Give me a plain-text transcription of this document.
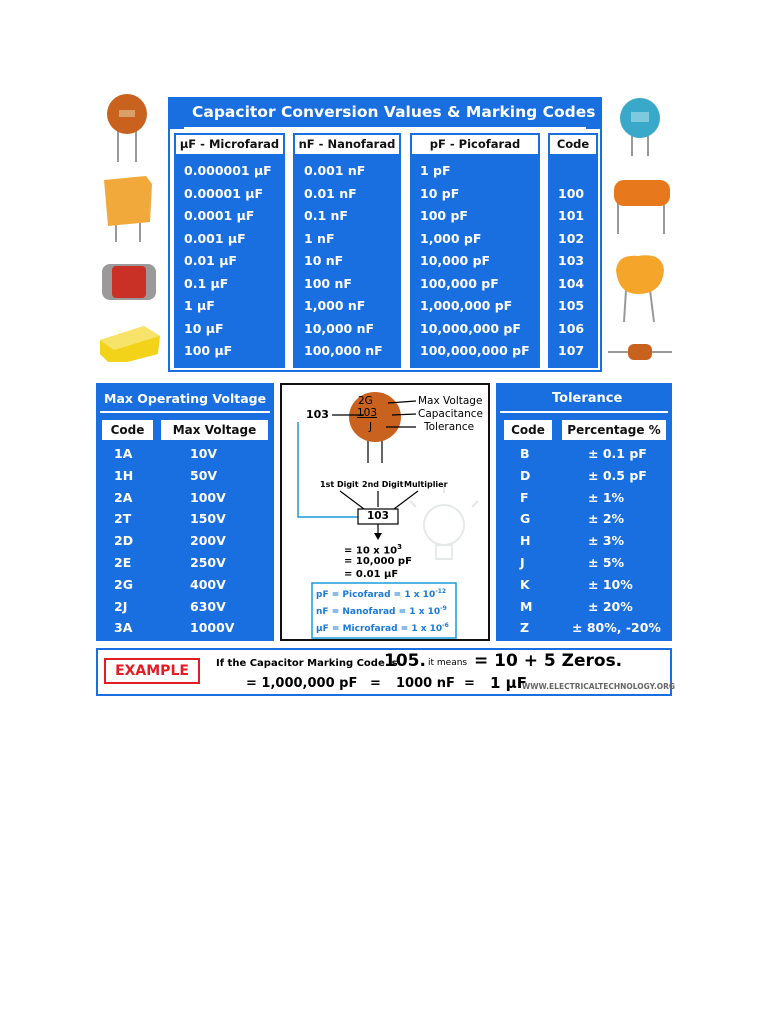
Capacitor Conversion Values & Marking Codes
μF - Microfarad	nF - Nanofarad	pF - Picofarad	Code
0.000001 μF	0.001 nF	1 pF
0.00001 μF	0.01 nF	10 pF	100
0.0001 μF	0.1 nF	100 pF	101
0.001 μF	1 nF	1,000 pF	102
0.01 μF	10 nF	10,000 pF	103
0.1 μF	100 nF	100,000 pF	104
1 μF	1,000 nF	1,000,000 pF	105
10 μF	10,000 nF	10,000,000 pF	106
100 μF	100,000 nF	100,000,000 pF 107
Max Operating Voltage
Code	Max Voltage
1A	10V
1H	50V
2A	100V
2T	150V
2D	200V
2E	250V
2G	400V
2J	630V
3A	1000V
2G
103
J
Max Voltage
Capacitance
Tolerance
103
1st Digit 2nd Digit Multiplier
103
= 10 x $10^3$
= 10,000 pF
= 0.01 μF
pF = Picofarad = 1 x $10^{-12}$
nF = Nanofarad = 1 x $10^{-9}$
μF = Microfarad = 1 x $10^{-6}$
Tolerance
Code	Percentage %
B	± 0.1 pF
D	± 0.5 pF
F	± 1%
G	± 2%
H	± 3%
J	± 5%
K	± 10%
M	± 20%
Z	± 80%, -20%
EXAMPLE	If the Capacitor Marking Code is
105. it means = 10 + 5 Zeros.
= 1,000,000 pF = 1000 nF = 1 μF
WWW.ELECTRICALTECHNOLOGY.ORG
